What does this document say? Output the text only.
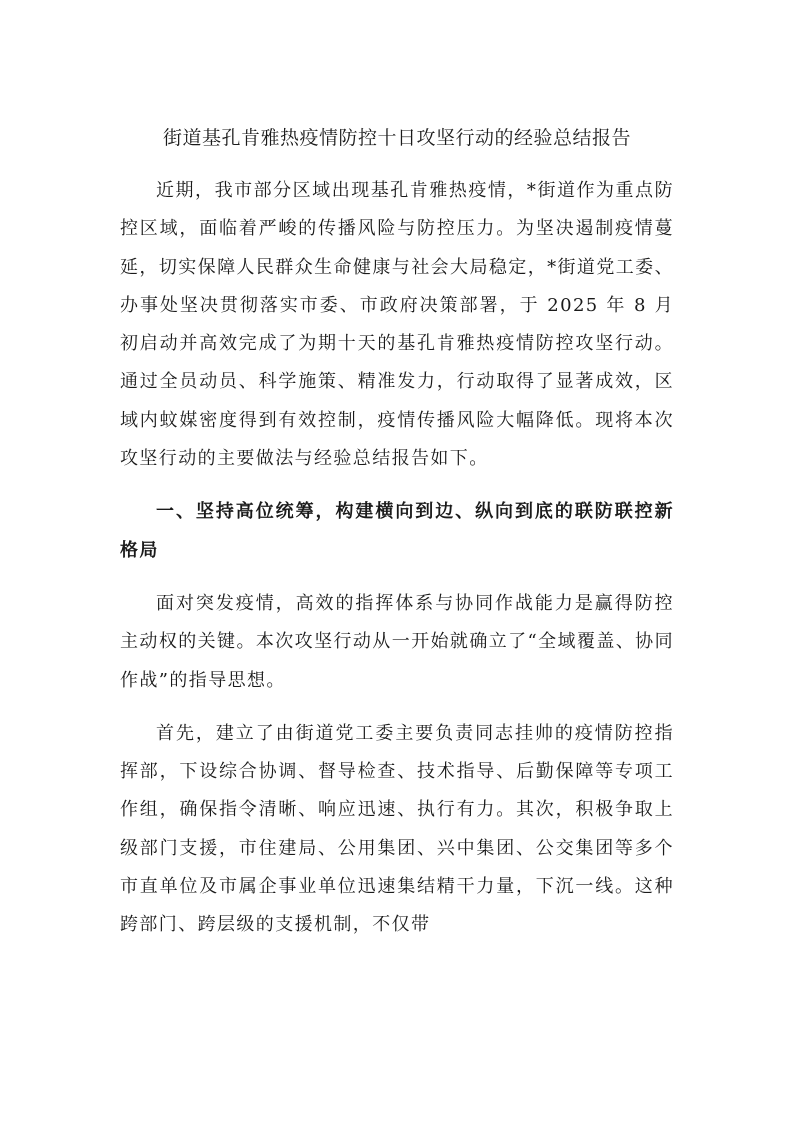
街道基孔肯雅热疫情防控十日攻坚行动的经验总结报告

近期，我市部分区域出现基孔肯雅热疫情，*街道作为重点防控区域，面临着严峻的传播风险与防控压力。为坚决遏制疫情蔓延，切实保障人民群众生命健康与社会大局稳定，*街道党工委、办事处坚决贯彻落实市委、市政府决策部署，于 2025 年 8 月初启动并高效完成了为期十天的基孔肯雅热疫情防控攻坚行动。通过全员动员、科学施策、精准发力，行动取得了显著成效，区域内蚊媒密度得到有效控制，疫情传播风险大幅降低。现将本次攻坚行动的主要做法与经验总结报告如下。

一、坚持高位统筹，构建横向到边、纵向到底的联防联控新格局

面对突发疫情，高效的指挥体系与协同作战能力是赢得防控主动权的关键。本次攻坚行动从一开始就确立了“全域覆盖、协同作战”的指导思想。

首先，建立了由街道党工委主要负责同志挂帅的疫情防控指挥部，下设综合协调、督导检查、技术指导、后勤保障等专项工作组，确保指令清晰、响应迅速、执行有力。其次，积极争取上级部门支援，市住建局、公用集团、兴中集团、公交集团等多个市直单位及市属企事业单位迅速集结精干力量，下沉一线。这种跨部门、跨层级的支援机制，不仅带
